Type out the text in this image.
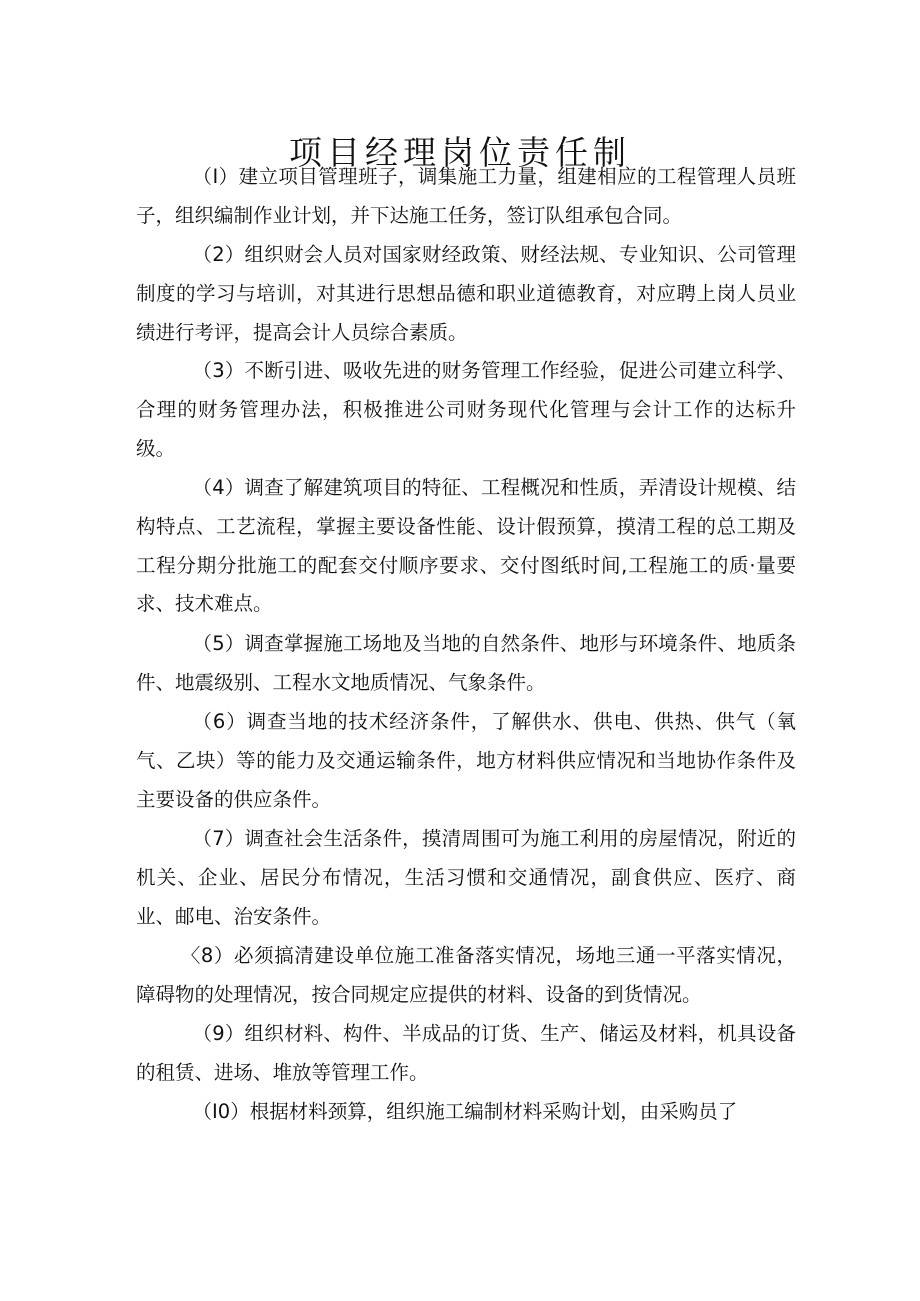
项目经理岗位责任制

（I）建立项目管理班子，调集施工力量，组建相应的工程管理人员班子，组织编制作业计划，并下达施工任务，签订队组承包合同。

（2）组织财会人员对国家财经政策、财经法规、专业知识、公司管理制度的学习与培训，对其进行思想品德和职业道德教育，对应聘上岗人员业绩进行考评，提高会计人员综合素质。

（3）不断引进、吸收先进的财务管理工作经验，促进公司建立科学、合理的财务管理办法，积极推进公司财务现代化管理与会计工作的达标升级。

（4）调查了解建筑项目的特征、工程概况和性质，弄清设计规模、结构特点、工艺流程，掌握主要设备性能、设计假预算，摸清工程的总工期及工程分期分批施工的配套交付顺序要求、交付图纸时间,工程施工的质·量要求、技术难点。

（5）调查掌握施工场地及当地的自然条件、地形与环境条件、地质条件、地震级别、工程水文地质情况、气象条件。

（6）调查当地的技术经济条件，了解供水、供电、供热、供气（氧气、乙块）等的能力及交通运输条件，地方材料供应情况和当地协作条件及主要设备的供应条件。

（7）调查社会生活条件，摸清周围可为施工利用的房屋情况，附近的机关、企业、居民分布情况，生活习惯和交通情况，副食供应、医疗、商业、邮电、治安条件。

〈8）必须搞清建设单位施工准备落实情况，场地三通一平落实情况，障碍物的处理情况，按合同规定应提供的材料、设备的到货情况。

（9）组织材料、构件、半成品的订货、生产、储运及材料，机具设备的租赁、进场、堆放等管理工作。

（I0）根据材料颈算，组织施工编制材料采购计划，由采购员了
